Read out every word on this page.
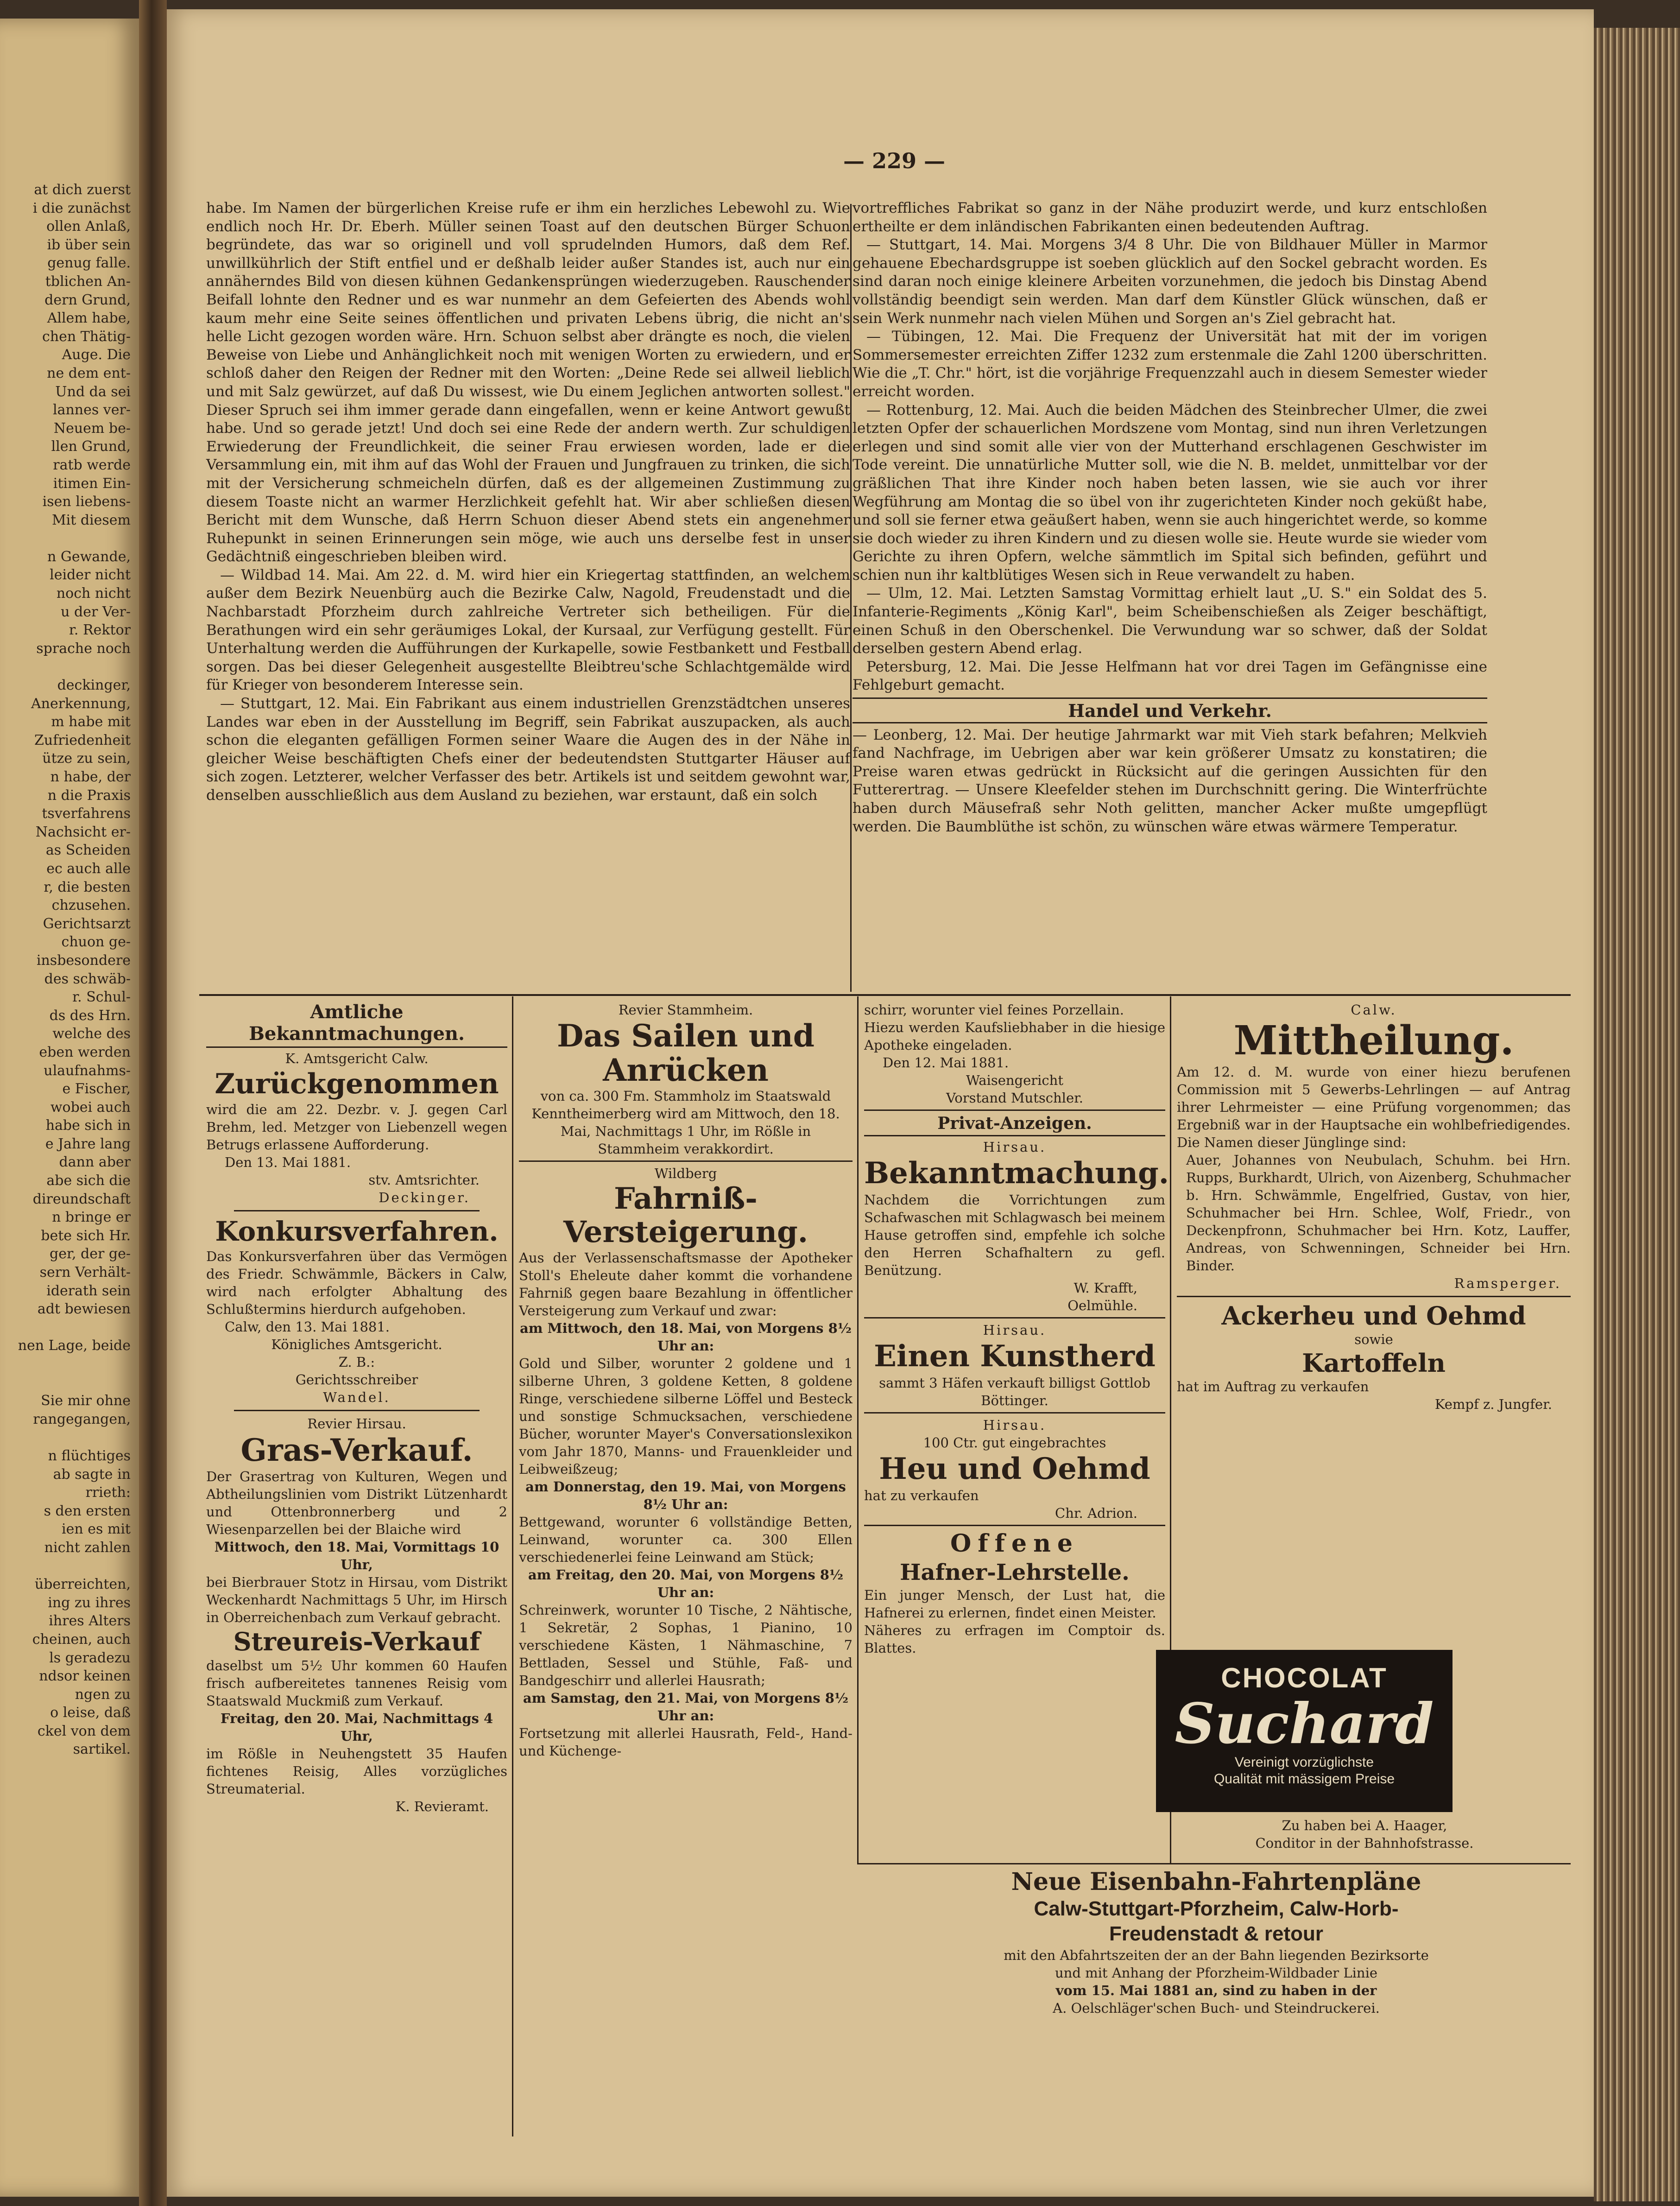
at dich zuerst
i die zunächst
ollen Anlaß,
ib über sein
genug fallе.
tblichen An-
dern Grund,
Allem habe,
chen Thätig-
Auge. Die
ne dem ent-
Und da sei
lannes ver-
Neuem be-
llen Grund,
ratb werde
itimen Ein-
isen liebens-
Mit diesem

n Gewande,
leider nicht
noch nicht
u der Ver-
r. Rektor
sprache noch

deckinger,
Anerkennung,
m habe mit
Zufriedenheit
ütze zu sein,
n habe, der
n die Praxis
tsverfahrens
Nachsicht er-
as Scheiden
ec auch alle
r, die besten
chzusehen.
Gerichtsarzt
chuon ge-
insbesondere
des schwäb-
r. Schul-
ds des Hrn.
welche des
eben werden
ulaufnahms-
e Fischer,
wobei auch
habe sich in
e Jahre lang
dann aber
abe sich die
direundschaft
n bringe er
bete sich Hr.
ger, der ge-
sern Verhält-
iderath sein
adt bewiesen

nen Lage, beide

Sie mir ohne
rangegangen,

n flüchtiges
ab sagte in
rrieth:
s den ersten
ien es mit
nicht zahlen

überreichten,
ing zu ihres
ihres Alters
cheinen, auch
ls geradezu
ndsor keinen
ngen zu
o leise, daß
ckel von dem
sartikel.
— 229 —

habe. Im Namen der bürgerlichen Kreise rufe er ihm ein herzliches Lebewohl zu. Wie endlich noch Hr. Dr. Eberh. Müller seinen Toast auf den deutschen Bürger Schuon begründete, das war so originell und voll sprudelnden Humors, daß dem Ref. unwillkührlich der Stift entfiel und er deßhalb leider außer Standes ist, auch nur ein annäherndes Bild von diesen kühnen Gedankensprüngen wiederzugeben. Rauschender Beifall lohnte den Redner und es war nunmehr an dem Gefeierten des Abends wohl kaum mehr eine Seite seines öffentlichen und privaten Lebens übrig, die nicht an's helle Licht gezogen worden wäre. Hrn. Schuon selbst aber drängte es noch, die vielen Beweise von Liebe und Anhänglichkeit noch mit wenigen Worten zu erwiedern, und er schloß daher den Reigen der Redner mit den Worten: „Deine Rede sei allweil lieblich und mit Salz gewürzet, auf daß Du wissest, wie Du einem Jeglichen antworten sollest." Dieser Spruch sei ihm immer gerade dann eingefallen, wenn er keine Antwort gewußt habe. Und so gerade jetzt! Und doch sei eine Rede der andern werth. Zur schuldigen Erwiederung der Freundlichkeit, die seiner Frau erwiesen worden, lade er die Versammlung ein, mit ihm auf das Wohl der Frauen und Jungfrauen zu trinken, die sich mit der Versicherung schmeicheln dürfen, daß es der allgemeinen Zustimmung zu diesem Toaste nicht an warmer Herzlichkeit gefehlt hat. Wir aber schließen diesen Bericht mit dem Wunsche, daß Herrn Schuon dieser Abend stets ein angenehmer Ruhepunkt in seinen Erinnerungen sein möge, wie auch uns derselbe fest in unser Gedächtniß eingeschrieben bleiben wird.

— Wildbad 14. Mai. Am 22. d. M. wird hier ein Kriegertag stattfinden, an welchem außer dem Bezirk Neuenbürg auch die Bezirke Calw, Nagold, Freudenstadt und die Nachbarstadt Pforzheim durch zahlreiche Vertreter sich betheiligen. Für die Berathungen wird ein sehr geräumiges Lokal, der Kursaal, zur Verfügung gestellt. Für Unterhaltung werden die Aufführungen der Kurkapelle, sowie Festbankett und Festball sorgen. Das bei dieser Gelegenheit ausgestellte Bleibtreu'sche Schlachtgemälde wird für Krieger von besonderem Interesse sein.

— Stuttgart, 12. Mai. Ein Fabrikant aus einem industriellen Grenzstädtchen unseres Landes war eben in der Ausstellung im Begriff, sein Fabrikat auszupacken, als auch schon die eleganten gefälligen Formen seiner Waare die Augen des in der Nähe in gleicher Weise beschäftigten Chefs einer der bedeutendsten Stuttgarter Häuser auf sich zogen. Letzterer, welcher Verfasser des betr. Artikels ist und seitdem gewohnt war, denselben ausschließlich aus dem Ausland zu beziehen, war erstaunt, daß ein solch

vortreffliches Fabrikat so ganz in der Nähe produzirt werde, und kurz entschloßen ertheilte er dem inländischen Fabrikanten einen bedeutenden Auftrag.

— Stuttgart, 14. Mai. Morgens 3/4 8 Uhr. Die von Bildhauer Müller in Marmor gehauene Ebechardsgruppe ist soeben glücklich auf den Sockel gebracht worden. Es sind daran noch einige kleinere Arbeiten vorzunehmen, die jedoch bis Dinstag Abend vollständig beendigt sein werden. Man darf dem Künstler Glück wünschen, daß er sein Werk nunmehr nach vielen Mühen und Sorgen an's Ziel gebracht hat.

— Tübingen, 12. Mai. Die Frequenz der Universität hat mit der im vorigen Sommersemester erreichten Ziffer 1232 zum erstenmale die Zahl 1200 überschritten. Wie die „T. Chr." hört, ist die vorjährige Frequenzzahl auch in diesem Semester wieder erreicht worden.

— Rottenburg, 12. Mai. Auch die beiden Mädchen des Steinbrecher Ulmer, die zwei letzten Opfer der schauerlichen Mordszene vom Montag, sind nun ihren Verletzungen erlegen und sind somit alle vier von der Mutterhand erschlagenen Geschwister im Tode vereint. Die unnatürliche Mutter soll, wie die N. B. meldet, unmittelbar vor der gräßlichen That ihre Kinder noch haben beten lassen, wie sie auch vor ihrer Wegführung am Montag die so übel von ihr zugerichteten Kinder noch geküßt habe, und soll sie ferner etwa geäußert haben, wenn sie auch hingerichtet werde, so komme sie doch wieder zu ihren Kindern und zu diesen wolle sie. Heute wurde sie wieder vom Gerichte zu ihren Opfern, welche sämmtlich im Spital sich befinden, geführt und schien nun ihr kaltblütiges Wesen sich in Reue verwandelt zu haben.

— Ulm, 12. Mai. Letzten Samstag Vormittag erhielt laut „U. S." ein Soldat des 5. Infanterie-Regiments „König Karl", beim Scheibenschießen als Zeiger beschäftigt, einen Schuß in den Oberschenkel. Die Verwundung war so schwer, daß der Soldat derselben gestern Abend erlag.

Petersburg, 12. Mai. Die Jesse Helfmann hat vor drei Tagen im Gefängnisse eine Fehlgeburt gemacht.

Handel und Verkehr.

— Leonberg, 12. Mai. Der heutige Jahrmarkt war mit Vieh stark befahren; Melkvieh fand Nachfrage, im Uebrigen aber war kein größerer Umsatz zu konstatiren; die Preise waren etwas gedrückt in Rücksicht auf die geringen Aussichten für den Futterertrag. — Unsere Kleefelder stehen im Durchschnitt gering. Die Winterfrüchte haben durch Mäusefraß sehr Noth gelitten, mancher Acker mußte umgepflügt werden. Die Baumblüthe ist schön, zu wünschen wäre etwas wärmere Temperatur.

Amtliche Bekanntmachungen.
K. Amtsgericht Calw.
Zurückgenommen

wird die am 22. Dezbr. v. J. gegen Carl Brehm, led. Metzger von Liebenzell wegen Betrugs erlassene Aufforderung.

Den 13. Mai 1881.

stv. Amtsrichter.

Deckinger.

Konkursverfahren.

Das Konkursverfahren über das Vermögen des Friedr. Schwämmle, Bäckers in Calw, wird nach erfolgter Abhaltung des Schlußtermins hierdurch aufgehoben.

Calw, den 13. Mai 1881.

Königliches Amtsgericht.

Z. B.:

Gerichtsschreiber

Wandel.

Revier Hirsau.
Gras-Verkauf.

Der Grasertrag von Kulturen, Wegen und Abtheilungslinien vom Distrikt Lützenhardt und Ottenbronnerberg und 2 Wiesenparzellen bei der Blaiche wird

Mittwoch, den 18. Mai, Vormittags 10 Uhr,

bei Bierbrauer Stotz in Hirsau, vom Distrikt Weckenhardt Nachmittags 5 Uhr, im Hirsch in Oberreichenbach zum Verkauf gebracht.

Streureis-Verkauf

daselbst um 5½ Uhr kommen 60 Haufen frisch aufbereitetes tannenes Reisig vom Staatswald Muckmiß zum Verkauf.

Freitag, den 20. Mai, Nachmittags 4 Uhr,

im Rößle in Neuhengstett 35 Haufen fichtenes Reisig, Alles vorzügliches Streumaterial.

K. Revieramt.

Revier Stammheim.
Das Sailen und
Anrücken

von ca. 300 Fm. Stammholz im Staatswald Kennthеimerberg wird am Mittwoch, den 18. Mai, Nachmittags 1 Uhr, im Rößle in Stammheim verakkordirt.

Wildberg
Fahrniß-
Versteigerung.

Aus der Verlassenschaftsmasse der Apotheker Stoll's Eheleute daher kommt die vorhandene Fahrniß gegen baare Bezahlung in öffentlicher Versteigerung zum Verkauf und zwar:

am Mittwoch, den 18. Mai, von Morgens 8½ Uhr an:

Gold und Silber, worunter 2 goldene und 1 silberne Uhren, 3 goldene Ketten, 8 goldene Ringe, verschiedene silberne Löffel und Besteck und sonstige Schmucksachen, verschiedene Bücher, worunter Mayer's Conversationslexikon vom Jahr 1870, Manns- und Frauenkleider und Leibweißzeug;

am Donnerstag, den 19. Mai, von Morgens 8½ Uhr an:

Bettgewand, worunter 6 vollständige Betten, Leinwand, worunter ca. 300 Ellen verschiedenerlei feine Leinwand am Stück;

am Freitag, den 20. Mai, von Morgens 8½ Uhr an:

Schreinwerk, worunter 10 Tische, 2 Nähtische, 1 Sekretär, 2 Sophas, 1 Pianino, 10 verschiedene Kästen, 1 Nähmaschine, 7 Bettladen, Sessel und Stühle, Faß- und Bandgeschirr und allerlei Hausrath;

am Samstag, den 21. Mai, von Morgens 8½ Uhr an:

Fortsetzung mit allerlei Hausrath, Feld-, Hand- und Küchenge-

schirr, worunter viel feines Porzellain.

Hiezu werden Kaufsliebhaber in die hiesige Apotheke eingeladen.

Den 12. Mai 1881.

Waisengericht

Vorstand Mutschler.

Privat-Anzeigen.
Hirsau.
Bekanntmachung.

Nachdem die Vorrichtungen zum Schafwaschen mit Schlagwasch bei meinem Hause getroffen sind, empfehle ich solche den Herren Schafhaltern zu gefl. Benützung.

W. Krafft,

Oelmühle.

Hirsau.
Einen Kunstherd

sammt 3 Häfen verkauft billigst Gottlob Böttinger.

Hirsau.

100 Ctr. gut eingebrachtes

Heu und Oehmd

hat zu verkaufen

Chr. Adrion.

Offene
Hafner-Lehrstelle.

Ein junger Mensch, der Lust hat, die Hafnerei zu erlernen, findet einen Meister.

Näheres zu erfragen im Comptoir ds. Blattes.

Calw.
Mittheilung.

Am 12. d. M. wurde von einer hiezu berufenen Commission mit 5 Gewerbs-Lehrlingen — auf Antrag ihrer Lehrmeister — eine Prüfung vorgenommen; das Ergebniß war in der Hauptsache ein wohlbefriedigendes. Die Namen dieser Jünglinge sind:

Auer, Johannes von Neubulach, Schuhm. bei Hrn. Rupps, Burkhardt, Ulrich, von Aizenberg, Schuhmacher b. Hrn. Schwämmle, Engelfried, Gustav, von hier, Schuhmacher bei Hrn. Schlee, Wolf, Friedr., von Deckenpfronn, Schuhmacher bei Hrn. Kotz, Lauffer, Andreas, von Schwenningen, Schneider bei Hrn. Binder.

Ramsperger.

Ackerheu und Oehmd
sowie
Kartoffeln

hat im Auftrag zu verkaufen

Kempf z. Jungfer.

CHOCOLAT
Suchard
Vereinigt vorzüglichste
Qualität mit mässigem Preise

Zu haben bei A. Haager,

Conditor in der Bahnhofstrasse.

Neue Eisenbahn-Fahrtenpläne
Calw-Stuttgart-Pforzheim, Calw-Horb-
Freudenstadt & retour

mit den Abfahrtszeiten der an der Bahn liegenden Bezirksorte

und mit Anhang der Pforzheim-Wildbader Linie

vom 15. Mai 1881 an, sind zu haben in der

A. Oelschläger'schen Buch- und Steindruckerei.
